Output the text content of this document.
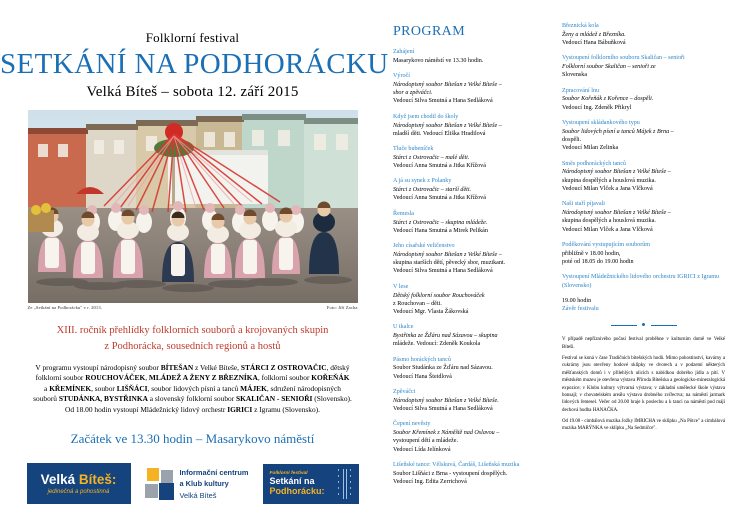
Folklorní festival
SETKÁNÍ NA PODHORÁCKU
Velká Bíteš – sobota 12. září 2015
Ze „Setkání na Podhorácku" v r. 2013.	Foto: Jiří Zacha
XIII. ročník přehlídky folklorních souborů a krojovaných skupin
z Podhorácka, sousedních regionů a hostů
V programu vystoupí národopisný soubor BÍTEŠAN z Velké Bíteše, STÁRCI Z OSTROVAČIC, dětský
folklorní soubor ROUCHOVÁČEK, MLÁDEŽ A ŽENY Z BŘEZNÍKA, folklorní soubor KOŘEŇÁK
a KŘEMÍNEK, soubor LIŠŇÁCI, soubor lidových písní a tanců MÁJEK, sdružení národopisných
souborů STUDÁNKA, BYSTŘINKA a slovenský folklorní soubor SKALIČAN - SENIOŘI (Slovensko).
Od 18.00 hodin vystoupí Mládežnický lidový orchestr IGRICI z Igramu (Slovensko).
Začátek ve 13.30 hodin – Masarykovo náměstí
Velká Bíteš:
jedinečná a pohostinná
Informační centrum
a Klub kultury
Velká Bíteš
Folklorní festival
Setkání na
Podhorácku:
PROGRAM
Zahájení
Masarykovo náměstí ve 13.30 hodin.
Výročí
Národopisný soubor Bítešan z Velké Bíteše –
sbor a zpěváčci.
Vedoucí Silva Smutná a Hana Sedláková
Když jsem chodil do školy
Národopisný soubor Bítešan z Velké Bíteše –
mladší děti. Vedoucí Eliška Hradilová
Tluče bubeníček
Stárci z Ostrovačic – malé děti.
Vedoucí Anna Smutná a Jitka Křížová
A já su synek z Polanky
Stárci z Ostrovačic – starší děti.
Vedoucí Anna Smutná a Jitka Křížová
Řemesla
Stárci z Ostrovačic – skupina mládeže.
Vedoucí Hana Smutná a Mirek Pelikán
Jeho císařské veličenstvo
Národopisný soubor Bítešan z Velké Bíteše –
skupina starších dětí, pěvecký sbor, muzikant.
Vedoucí Silva Smutná a Hana Sedláková
V lese
Dětský folklorní soubor Rouchováček
z Rouchovan – děti.
Vedoucí Mgr. Vlasta Žákovská
U tkalce
Bystřinka ze Žďáru nad Sázavou – skupina
mládeže. Vedoucí: Zdeněk Koukola
Pásmo horáckých tanců
Soubor Studánka ze Žďáru nad Sázavou.
Vedoucí Hana Šteidlová
Zpěváčci
Národopisný soubor Bítešan z Velké Bíteše.
Vedoucí Silva Smutná a Hana Sedláková
Čepení nevěsty
Soubor Křemínek z Náměště nad Oslavou –
vystoupení dětí a mládeže.
Vedoucí Lída Jelínková
Lišeňské tance: Vělskuvá, Čardáš, Lišeňská muzika
Soubor Lišňáci z Brna - vystoupení dospělých.
Vedoucí Ing. Edita Zerrichová
Březnická kola
Ženy a mládež z Březníka.
Vedoucí Hana Bábuňková
Vystoupení folklorního souboru Skaličan – senioři
Folklorní soubor Skaličan – senioři ze
Slovenska
Zpracování lnu
Soubor Kořeňák z Kořence – dospěli.
Vedoucí Ing. Zdeněk Přikryl
Vystoupení skládankového typu
Soubor lidových písní a tanců Májek z Brna –
dospěli.
Vedoucí Milan Zelinka
Směs podhoráckých tanců
Národopisný soubor Bítešan z Velké Bíteše –
skupina dospělých a houslová muzika.
Vedoucí Milan Vlček a Jana Vlčková
Naši staří píjavali
Národopisný soubor Bítešan z Velké Bíteše –
skupina dospělých a houslová muzika.
Vedoucí Milan Vlček a Jana Vlčková
Poděkování vystupujícím souborům
přibližně v 18.00 hodin,
poté od 18.05 do 19.00 hodin
Vystoupení Mládežnického lidového orchestru IGRICI z Igramu (Slovensko)
19.00 hodin
Závěr festivalu

V případě nepříznivého počasí festival proběhne v kulturním domě ve Velké Bíteši.

Festival se koná v čase Tradičních bítešských hodů. Mimo pohostinství, kavárny a cukrárny jsou otevřeny hodové sklípky ve dvorech a v podzemí některých měšťanských domů i v přilehlých ulicích s nabídkou dobrého jídla a pití. V městském muzeu je otevřena výstava Příroda Bítešska a geologicko-mineralogická expozice; v Klubu kultury výtvarná výstava; v základní umělecké škole výstava bonsají; v chovatelském areálu výstava drobného zvířectva; na náměstí jarmark lidových řemesel. Večer od 20.00 hraje k poslechu a k tanci na náměstí pod májí dechová hudba HANAČKA.

Od 19.00 - cimbálová muzika Jožky IMRICHA ve sklípku „Na Pötce" a cimbálová muzika MARÝNKA ve sklípku „Na Sedmičce".
